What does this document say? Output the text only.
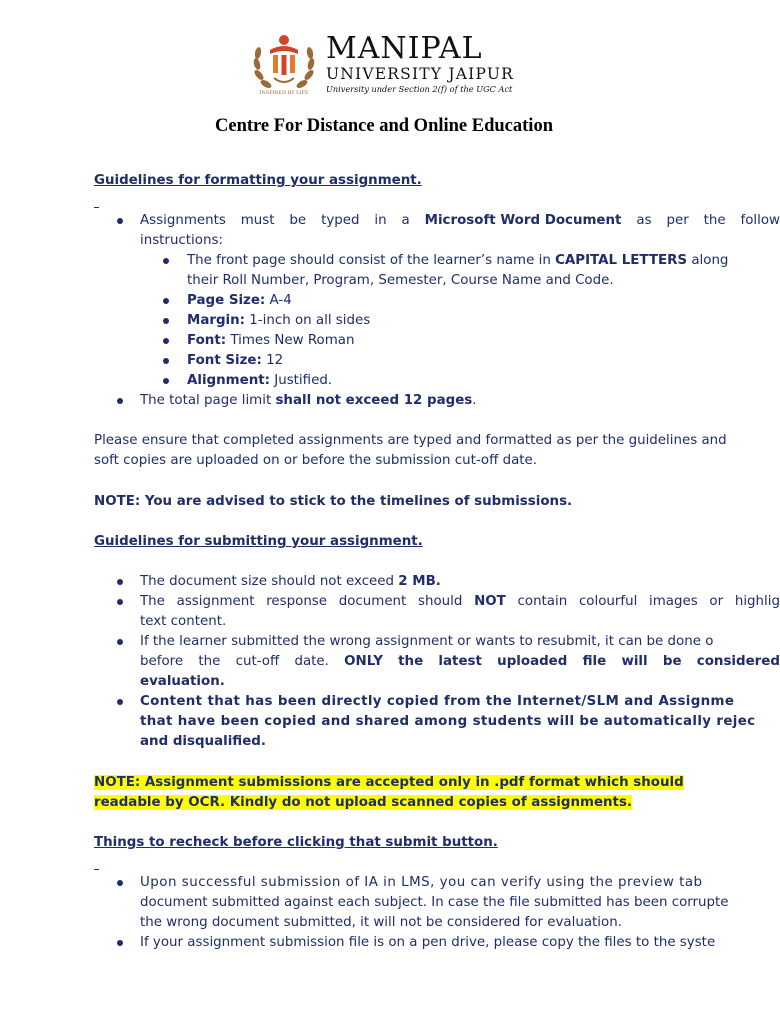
INSPIRED BY LIFE
MANIPAL
UNIVERSITY JAIPUR
University under Section 2(f) of the UGC Act
Centre For Distance and Online Education
Guidelines for formatting your assignment.
Assignments must be typed in a Microsoft Word Document as per the follow
instructions:
The front page should consist of the learner’s name in CAPITAL LETTERS along
their Roll Number, Program, Semester, Course Name and Code.
Page Size: A-4
Margin: 1-inch on all sides
Font: Times New Roman
Font Size: 12
Alignment: Justified.
The total page limit shall not exceed 12 pages.
Please ensure that completed assignments are typed and formatted as per the guidelines and
soft copies are uploaded on or before the submission cut-off date.
NOTE: You are advised to stick to the timelines of submissions.
Guidelines for submitting your assignment.
The document size should not exceed 2 MB.
The assignment response document should NOT contain colourful images or highlig
text content.
If the learner submitted the wrong assignment or wants to resubmit, it can be done o
before the cut-off date. ONLY the latest uploaded file will be considered
evaluation.
Content that has been directly copied from the Internet/SLM and Assignme
that have been copied and shared among students will be automatically rejec
and disqualified.
NOTE: Assignment submissions are accepted only in .pdf format which should
readable by OCR. Kindly do not upload scanned copies of assignments.
Things to recheck before clicking that submit button.
Upon successful submission of IA in LMS, you can verify using the preview tab
document submitted against each subject. In case the file submitted has been corrupte
the wrong document submitted, it will not be considered for evaluation.
If your assignment submission file is on a pen drive, please copy the files to the syste
